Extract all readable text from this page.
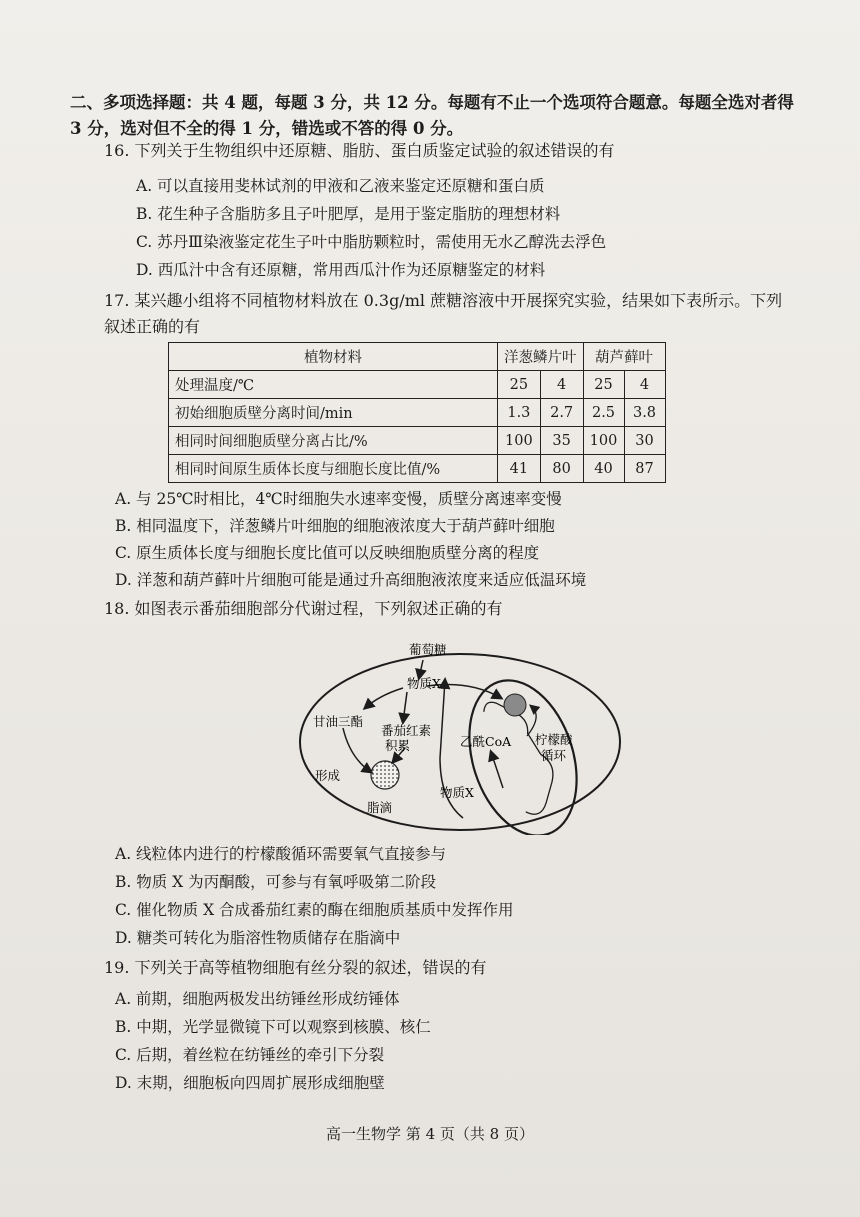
二、多项选择题：共 4 题，每题 3 分，共 12 分。每题有不止一个选项符合题意。每题全选对者得 3 分，选对但不全的得 1 分，错选或不答的得 0 分。
16. 下列关于生物组织中还原糖、脂肪、蛋白质鉴定试验的叙述错误的有
A. 可以直接用斐林试剂的甲液和乙液来鉴定还原糖和蛋白质
B. 花生种子含脂肪多且子叶肥厚，是用于鉴定脂肪的理想材料
C. 苏丹Ⅲ染液鉴定花生子叶中脂肪颗粒时，需使用无水乙醇洗去浮色
D. 西瓜汁中含有还原糖，常用西瓜汁作为还原糖鉴定的材料
17. 某兴趣小组将不同植物材料放在 0.3g/ml 蔗糖溶液中开展探究实验，结果如下表所示。下列
叙述正确的有
植物材料	洋葱鳞片叶		葫芦藓叶	
处理温度/℃	25	4	25	4
初始细胞质壁分离时间/min	1.3	2.7	2.5	3.8
相同时间细胞质壁分离占比/%	100	35	100	30
相同时间原生质体长度与细胞长度比值/%	41	80	40	87
A. 与 25℃时相比，4℃时细胞失水速率变慢，质壁分离速率变慢
B. 相同温度下，洋葱鳞片叶细胞的细胞液浓度大于葫芦藓叶细胞
C. 原生质体长度与细胞长度比值可以反映细胞质壁分离的程度
D. 洋葱和葫芦藓叶片细胞可能是通过升高细胞液浓度来适应低温环境
18. 如图表示番茄细胞部分代谢过程，下列叙述正确的有
葡萄糖
物质X
甘油三酯
番茄红素
积累
形成
脂滴
乙酰CoA 柠檬酸
循环
物质X
A. 线粒体内进行的柠檬酸循环需要氧气直接参与
B. 物质 X 为丙酮酸，可参与有氧呼吸第二阶段
C. 催化物质 X 合成番茄红素的酶在细胞质基质中发挥作用
D. 糖类可转化为脂溶性物质储存在脂滴中
19. 下列关于高等植物细胞有丝分裂的叙述，错误的有
A. 前期，细胞两极发出纺锤丝形成纺锤体
B. 中期，光学显微镜下可以观察到核膜、核仁
C. 后期，着丝粒在纺锤丝的牵引下分裂
D. 末期，细胞板向四周扩展形成细胞壁
高一生物学 第 4 页（共 8 页）
